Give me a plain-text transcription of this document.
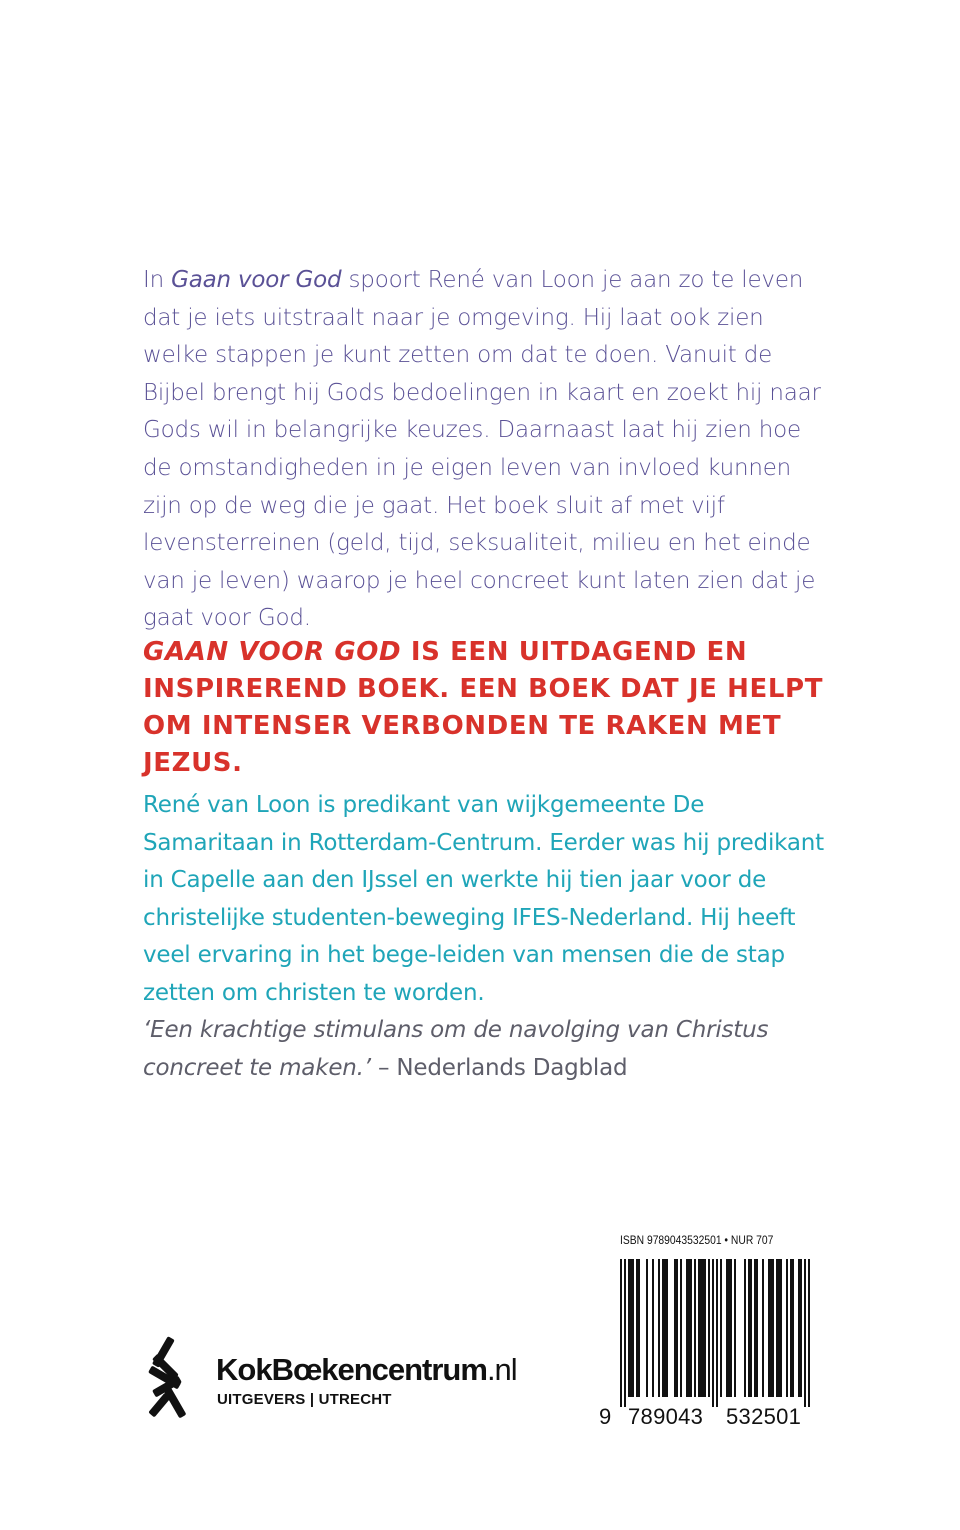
In Gaan voor God spoort René van Loon je aan zo te leven dat je iets uitstraalt naar je omgeving. Hij laat ook zien welke stappen je kunt zetten om dat te doen. Vanuit de Bijbel brengt hij Gods bedoelingen in kaart en zoekt hij naar Gods wil in belangrijke keuzes. Daarnaast laat hij zien hoe de omstandigheden in je eigen leven van invloed kunnen zijn op de weg die je gaat. Het boek sluit af met vijf levensterreinen (geld, tijd, seksualiteit, milieu en het einde van je leven) waarop je heel concreet kunt laten zien dat je gaat voor God.
GAAN VOOR GOD IS EEN UITDAGEND EN INSPIREREND BOEK. EEN BOEK DAT JE HELPT OM INTENSER VERBONDEN TE RAKEN MET JEZUS.
René van Loon is predikant van wijkgemeente De Samaritaan in Rotterdam-Centrum. Eerder was hij predikant in Capelle aan den IJssel en werkte hij tien jaar voor de christelijke studenten-beweging IFES-Nederland. Hij heeft veel ervaring in het bege-leiden van mensen die de stap zetten om christen te worden.
‘Een krachtige stimulans om de navolging van Christus concreet te maken.’ – Nederlands Dagblad
KokBœkencentrum.nl
UITGEVERS | UTRECHT
ISBN 9789043532501 • NUR 707
9 789043 532501
